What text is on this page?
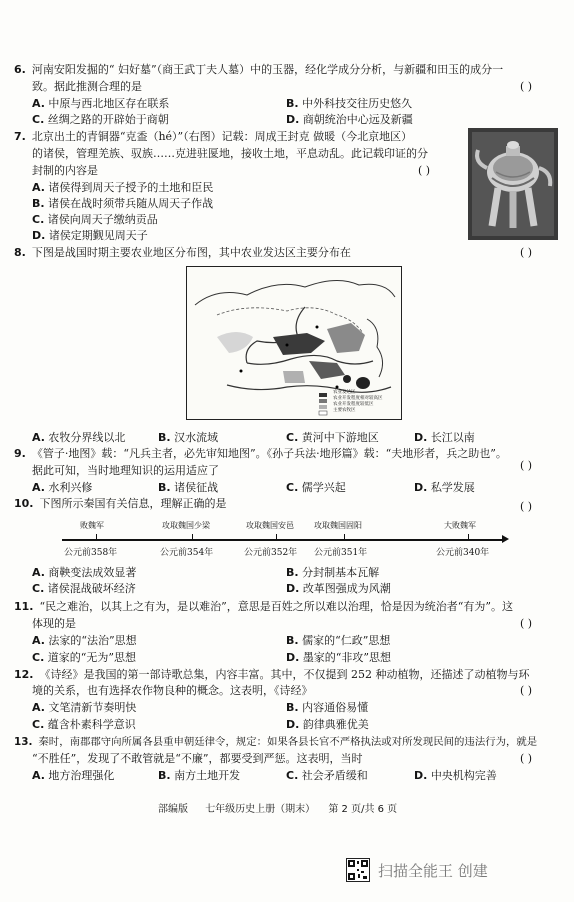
6. 河南安阳发掘的“ 妇好墓”（商王武丁夫人墓）中的玉器，经化学成分分析，与新疆和田玉的成分一
致。据此推测合理的是	( )
A. 中原与西北地区存在联系	B. 中外科技交往历史悠久
C. 丝绸之路的开辟始于商朝	D. 商朝统治中心远及新疆
7. 北京出土的青铜器“克盉（hé）”（右图）记载：周成王封克 做暖（今北京地区）
的诸侯，管理羌族、驭族……克进驻匽地，接收土地，平息动乱。此记载印证的分
封制的内容是	( )
A. 诸侯得到周天子授予的土地和臣民
B. 诸侯在战时须带兵随从周天子作战
C. 诸侯向周天子缴纳贡品
D. 诸侯定期觐见周天子
8. 下图是战国时期主要农业地区分布图，其中农业发达区主要分布在	( )
农业发达区
农业开发程度相对较高区
农业开发程度较低区
主要农牧区
A. 农牧分界线以北	B. 汉水流域	C. 黄河中下游地区	D. 长江以南
9. 《管子·地图》载：“凡兵主者，必先审知地图”。《孙子兵法·地形篇》载：“夫地形者，兵之助也”。
据此可知，当时地理知识的运用适应了	( )
A. 水利兴修	B. 诸侯征战	C. 儒学兴起	D. 私学发展
10. 下图所示秦国有关信息，理解正确的是	( )
败魏军
公元前358年
攻取魏国少梁
公元前354年
攻取魏国安邑
公元前352年
攻取魏国固阳
公元前351年
大败魏军
公元前340年
A. 商鞅变法成效显著	B. 分封制基本瓦解
C. 诸侯混战破坏经济	D. 改革图强成为风潮
11. “民之难治，以其上之有为，是以难治”，意思是百姓之所以难以治理，恰是因为统治者“有为”。这
体现的是	( )
A. 法家的“法治”思想	B. 儒家的“仁政”思想
C. 道家的“无为”思想	D. 墨家的“非攻”思想
12. 《诗经》是我国的第一部诗歌总集，内容丰富。其中，不仅提到 252 种动植物，还描述了动植物与环
境的关系，也有选择农作物良种的概念。这表明，《诗经》	( )
A. 文笔清新节奏明快	B. 内容通俗易懂
C. 蕴含朴素科学意识	D. 韵律典雅优美
13. 秦时，南郡郡守向所属各县重申朝廷律令，规定：如果各县长官不严格执法或对所发现民间的违法行为，就是
“不胜任”，发现了不敢管就是“不廉”，都要受到严惩。这表明，当时	( )
A. 地方治理强化	B. 南方土地开发	C. 社会矛盾缓和	D. 中央机构完善
部编版 七年级历史上册（期末） 第 2 页/共 6 页
扫描全能王 创建
